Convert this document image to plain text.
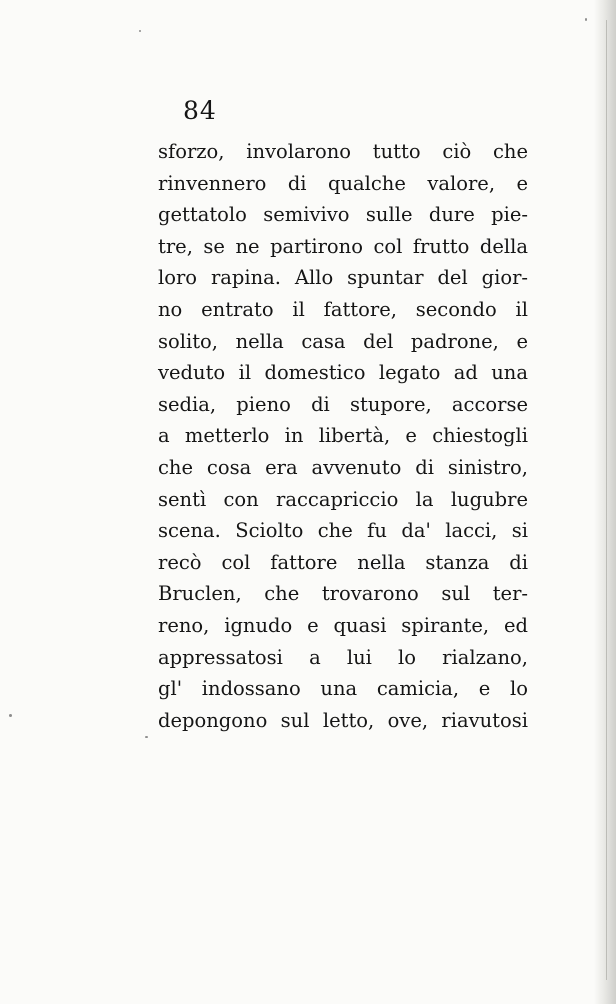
84
sforzo, involarono tutto ciò che
rinvennero di qualche valore, e
gettatolo semivivo sulle dure pie-
tre, se ne partirono col frutto della
loro rapina. Allo spuntar del gior-
no entrato il fattore, secondo il
solito, nella casa del padrone, e
veduto il domestico legato ad una
sedia, pieno di stupore, accorse
a metterlo in libertà, e chiestogli
che cosa era avvenuto di sinistro,
sentì con raccapriccio la lugubre
scena. Sciolto che fu da' lacci, si
recò col fattore nella stanza di
Bruclen, che trovarono sul ter-
reno, ignudo e quasi spirante, ed
appressatosi a lui lo rialzano,
gl' indossano una camicia, e lo
depongono sul letto, ove, riavutosi
